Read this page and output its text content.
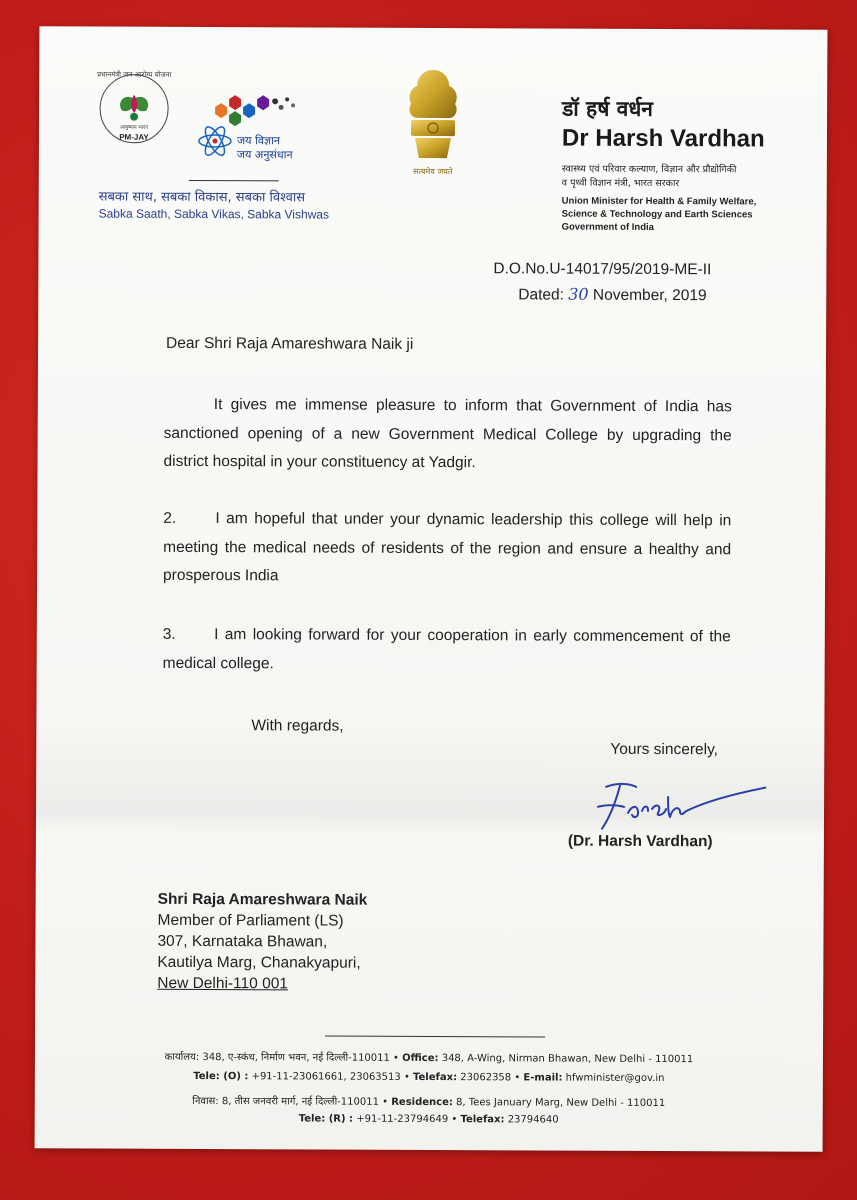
प्रधानमंत्री जन आरोग्य योजना
आयुष्मान भारत
PM-JAY	जय विज्ञान
जय अनुसंधान
सबका साथ, सबका विकास, सबका विश्वास
Sabka Saath, Sabka Vikas, Sabka Vishwas
सत्यमेव जयते
डॉ हर्ष वर्धन
Dr Harsh Vardhan
स्वास्थ्य एवं परिवार कल्याण, विज्ञान और प्रौद्योगिकी
व पृथ्वी विज्ञान मंत्री, भारत सरकार
Union Minister for Health & Family Welfare,
Science & Technology and Earth Sciences
Government of India
D.O.No.U-14017/95/2019-ME-II
Dated: 30 November, 2019
Dear Shri Raja Amareshwara Naik ji
It gives me immense pleasure to inform that Government of India has sanctioned opening of a new Government Medical College by upgrading the district hospital in your constituency at Yadgir.
2.      I am hopeful that under your dynamic leadership this college will help in meeting the medical needs of residents of the region and ensure a healthy and prosperous India
3.      I am looking forward for your cooperation in early commencement of the medical college.
With regards,
Yours sincerely,
(Dr. Harsh Vardhan)
Shri Raja Amareshwara Naik
Member of Parliament (LS)
307, Karnataka Bhawan,
Kautilya Marg, Chanakyapuri,
New Delhi-110 001
कार्यालय: 348, ए-स्कंध, निर्माण भवन, नई दिल्ली-110011 • Office: 348, A-Wing, Nirman Bhawan, New Delhi - 110011
Tele: (O) : +91-11-23061661, 23063513 • Telefax: 23062358 • E-mail: hfwminister@gov.in
निवास: 8, तीस जनवरी मार्ग, नई दिल्ली-110011 • Residence: 8, Tees January Marg, New Delhi - 110011
Tele: (R) : +91-11-23794649 • Telefax: 23794640
